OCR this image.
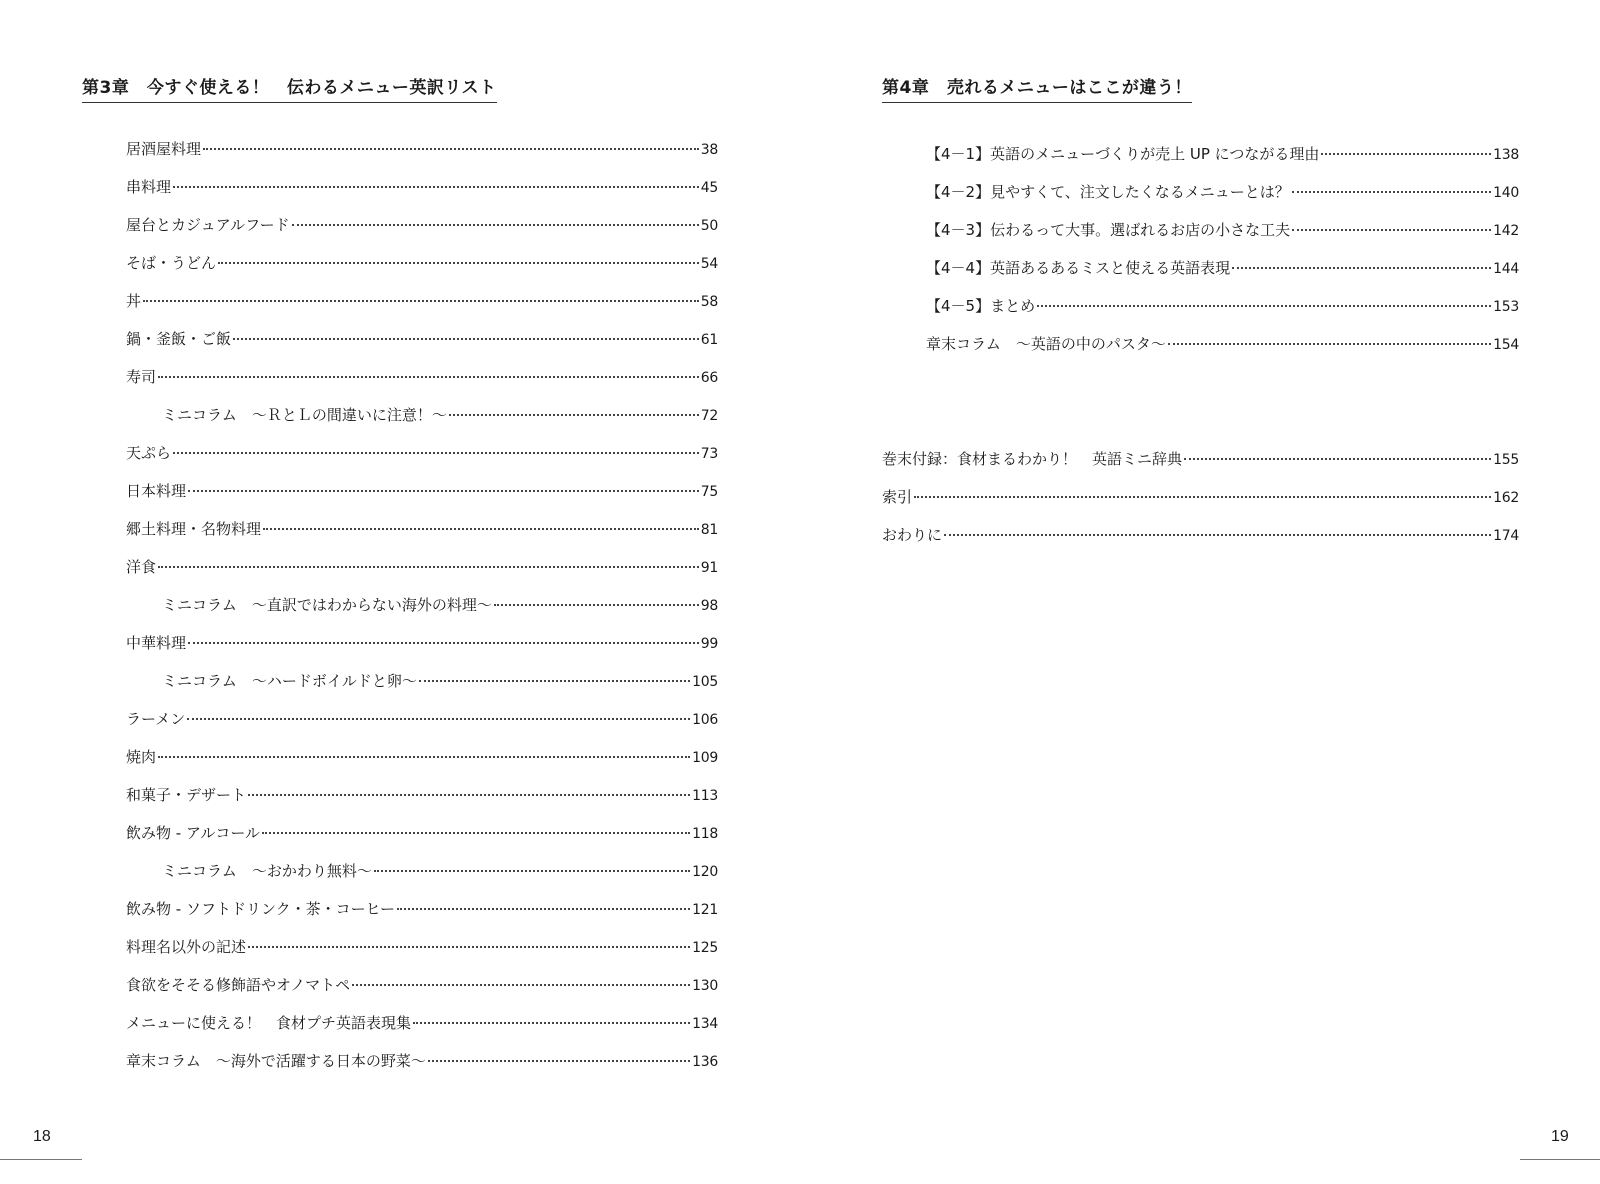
第3章　今すぐ使える！　伝わるメニュー英訳リスト
居酒屋料理	38
串料理	45
屋台とカジュアルフード	50
そば・うどん	54
丼	58
鍋・釜飯・ご飯	61
寿司	66
ミニコラム　～ＲとＬの間違いに注意！～	72
天ぷら	73
日本料理	75
郷土料理・名物料理	81
洋食	91
ミニコラム　～直訳ではわからない海外の料理～	98
中華料理	99
ミニコラム　～ハードボイルドと卵～	105
ラーメン	106
焼肉	109
和菓子・デザート	113
飲み物 - アルコール	118
ミニコラム　～おかわり無料～	120
飲み物 - ソフトドリンク・茶・コーヒー	121
料理名以外の記述	125
食欲をそそる修飾語やオノマトペ	130
メニューに使える！　食材プチ英語表現集	134
章末コラム　～海外で活躍する日本の野菜～	136
第4章　売れるメニューはここが違う！
【4－1】英語のメニューづくりが売上 UP につながる理由	138
【4－2】見やすくて、注文したくなるメニューとは？	140
【4－3】伝わるって大事。選ばれるお店の小さな工夫	142
【4－4】英語あるあるミスと使える英語表現	144
【4－5】まとめ	153
章末コラム　～英語の中のパスタ～	154
巻末付録：食材まるわかり！　英語ミニ辞典	155
索引	162
おわりに	174
18	19
